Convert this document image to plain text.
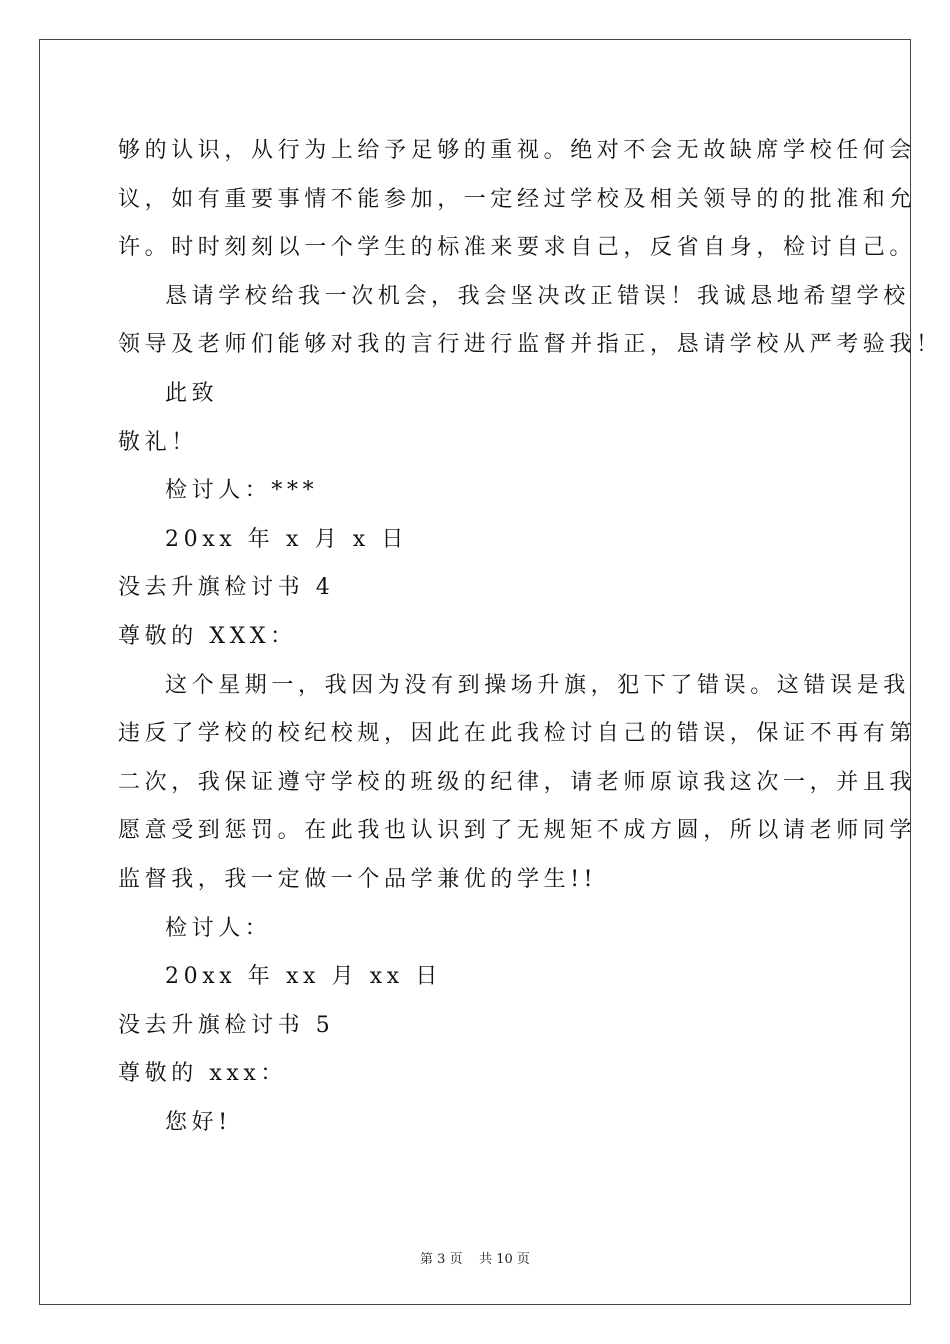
够的认识，从行为上给予足够的重视。绝对不会无故缺席学校任何会
议，如有重要事情不能参加，一定经过学校及相关领导的的批准和允
许。时时刻刻以一个学生的标准来要求自己，反省自身，检讨自己。
恳请学校给我一次机会，我会坚决改正错误！我诚恳地希望学校
领导及老师们能够对我的言行进行监督并指正，恳请学校从严考验我！
此致
敬礼！
检讨人：***
20xx 年 x 月 x 日
没去升旗检讨书 4
尊敬的 XXX：
这个星期一，我因为没有到操场升旗，犯下了错误。这错误是我
违反了学校的校纪校规，因此在此我检讨自己的错误，保证不再有第
二次，我保证遵守学校的班级的纪律，请老师原谅我这次一，并且我
愿意受到惩罚。在此我也认识到了无规矩不成方圆，所以请老师同学
监督我，我一定做一个品学兼优的学生!!
检讨人：
20xx 年 xx 月 xx 日
没去升旗检讨书 5
尊敬的 xxx：
您好!
第 3 页 共 10 页
